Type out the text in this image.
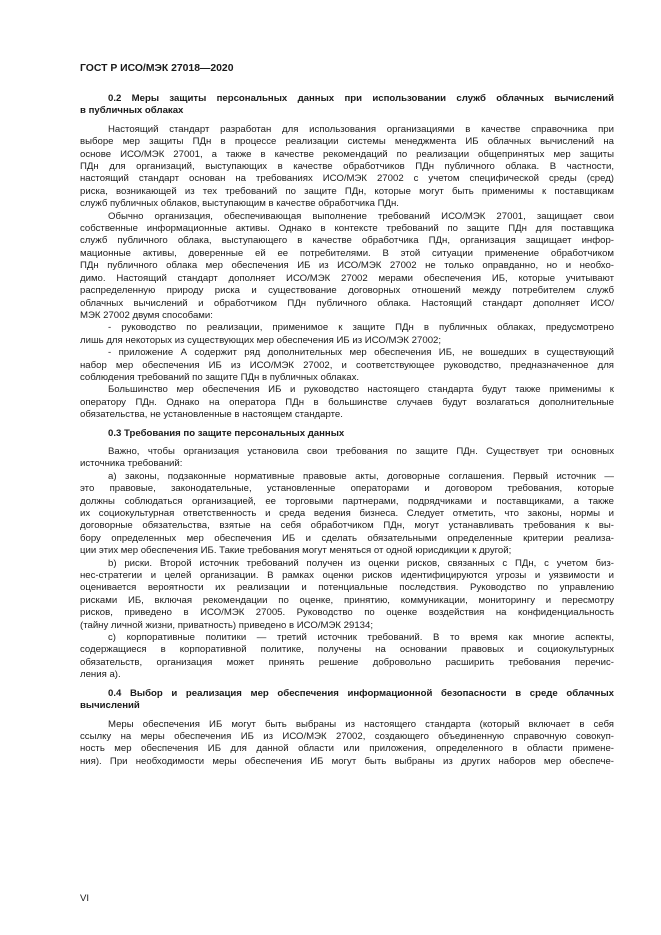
ГОСТ Р ИСО/МЭК 27018—2020
0.2 Меры защиты персональных данных при использовании служб облачных вычислений
в публичных облаках
Настоящий стандарт разработан для использования организациями в качестве справочника при
выборе мер защиты ПДн в процессе реализации системы менеджмента ИБ облачных вычислений на
основе ИСО/МЭК 27001, а также в качестве рекомендаций по реализации общепринятых мер защиты
ПДн для организаций, выступающих в качестве обработчиков ПДн публичного облака. В частности,
настоящий стандарт основан на требованиях ИСО/МЭК 27002 с учетом специфической среды (сред)
риска, возникающей из тех требований по защите ПДн, которые могут быть применимы к поставщикам
служб публичных облаков, выступающим в качестве обработчика ПДн.
Обычно организация, обеспечивающая выполнение требований ИСО/МЭК 27001, защищает свои
собственные информационные активы. Однако в контексте требований по защите ПДн для поставщика
служб публичного облака, выступающего в качестве обработчика ПДн, организация защищает инфор-
мационные активы, доверенные ей ее потребителями. В этой ситуации применение обработчиком
ПДн публичного облака мер обеспечения ИБ из ИСО/МЭК 27002 не только оправданно, но и необхо-
димо. Настоящий стандарт дополняет ИСО/МЭК 27002 мерами обеспечения ИБ, которые учитывают
распределенную природу риска и существование договорных отношений между потребителем служб
облачных вычислений и обработчиком ПДн публичного облака. Настоящий стандарт дополняет ИСО/
МЭК 27002 двумя способами:
- руководство по реализации, применимое к защите ПДн в публичных облаках, предусмотрено
лишь для некоторых из существующих мер обеспечения ИБ из ИСО/МЭК 27002;
- приложение А содержит ряд дополнительных мер обеспечения ИБ, не вошедших в существующий
набор мер обеспечения ИБ из ИСО/МЭК 27002, и соответствующее руководство, предназначенное для
соблюдения требований по защите ПДн в публичных облаках.
Большинство мер обеспечения ИБ и руководство настоящего стандарта будут также применимы к
оператору ПДн. Однако на оператора ПДн в большинстве случаев будут возлагаться дополнительные
обязательства, не установленные в настоящем стандарте.
0.3 Требования по защите персональных данных
Важно, чтобы организация установила свои требования по защите ПДн. Существует три основных
источника требований:
а) законы, подзаконные нормативные правовые акты, договорные соглашения. Первый источник —
это правовые, законодательные, установленные операторами и договором требования, которые
должны соблюдаться организацией, ее торговыми партнерами, подрядчиками и поставщиками, а также
их социокультурная ответственность и среда ведения бизнеса. Следует отметить, что законы, нормы и
договорные обязательства, взятые на себя обработчиком ПДн, могут устанавливать требования к вы-
бору определенных мер обеспечения ИБ и сделать обязательными определенные критерии реализа-
ции этих мер обеспечения ИБ. Такие требования могут меняться от одной юрисдикции к другой;
b) риски. Второй источник требований получен из оценки рисков, связанных с ПДн, с учетом биз-
нес-стратегии и целей организации. В рамках оценки рисков идентифицируются угрозы и уязвимости и
оценивается вероятности их реализации и потенциальные последствия. Руководство по управлению
рисками ИБ, включая рекомендации по оценке, принятию, коммуникации, мониторингу и пересмотру
рисков, приведено в ИСО/МЭК 27005. Руководство по оценке воздействия на конфиденциальность
(тайну личной жизни, приватность) приведено в ИСО/МЭК 29134;
с) корпоративные политики — третий источник требований. В то время как многие аспекты,
содержащиеся в корпоративной политике, получены на основании правовых и социокультурных
обязательств, организация может принять решение добровольно расширить требования перечис-
ления а).
0.4 Выбор и реализация мер обеспечения информационной безопасности в среде облачных
вычислений
Меры обеспечения ИБ могут быть выбраны из настоящего стандарта (который включает в себя
ссылку на меры обеспечения ИБ из ИСО/МЭК 27002, создающего объединенную справочную совокуп-
ность мер обеспечения ИБ для данной области или приложения, определенного в области примене-
ния). При необходимости меры обеспечения ИБ могут быть выбраны из других наборов мер обеспече-
VI
